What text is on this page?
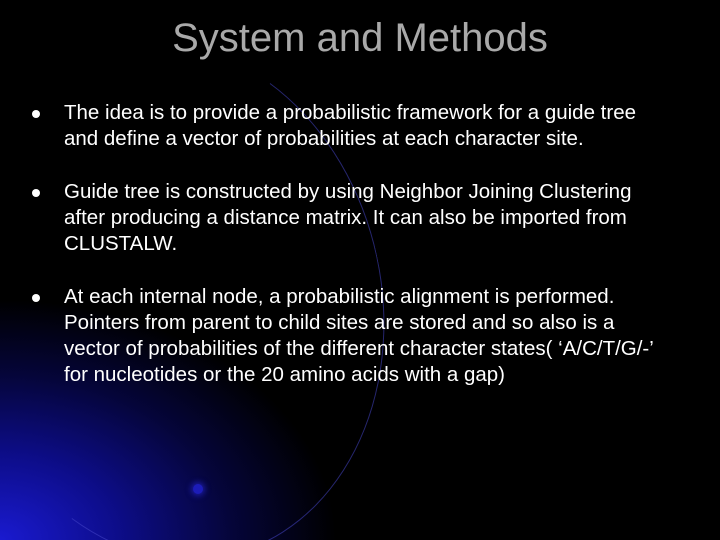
System and Methods
The idea is to provide a probabilistic framework for a guide tree and define a vector of probabilities at each character site.
Guide tree is constructed by using Neighbor Joining Clustering after producing a distance matrix. It can also be imported from CLUSTALW.
At each internal node, a probabilistic alignment is performed. Pointers from parent to child sites are stored and so also is a vector of probabilities of the different character states( ‘A/C/T/G/-’ for nucleotides or the 20 amino acids with a gap)
